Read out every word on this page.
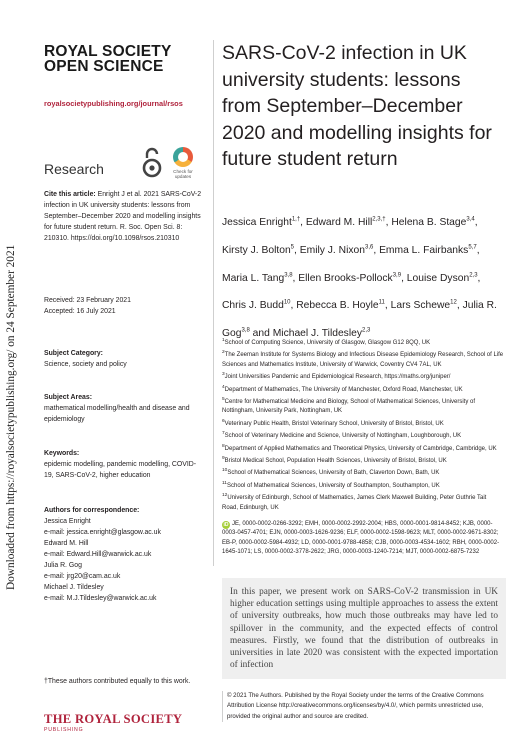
Downloaded from https://royalsocietypublishing.org/ on 24 September 2021
ROYAL SOCIETY
OPEN SCIENCE
royalsocietypublishing.org/journal/rsos
Research	Check for
updates
Cite this article: Enright J et al. 2021 SARS-CoV-2 infection in UK university students: lessons from September–December 2020 and modelling insights for future student return. R. Soc. Open Sci. 8: 210310. https://doi.org/10.1098/rsos.210310
Received: 23 February 2021
Accepted: 16 July 2021
Subject Category:
Science, society and policy
Subject Areas:
mathematical modelling/health and disease and epidemiology
Keywords:
epidemic modelling, pandemic modelling, COVID-19, SARS-CoV-2, higher education
Authors for correspondence:
Jessica Enright
e-mail: jessica.enright@glasgow.ac.uk
Edward M. Hill
e-mail: Edward.Hill@warwick.ac.uk
Julia R. Gog
e-mail: jrg20@cam.ac.uk
Michael J. Tildesley
e-mail: M.J.Tildesley@warwick.ac.uk
†These authors contributed equally to this work.
THE ROYAL SOCIETY
PUBLISHING
SARS-CoV-2 infection in UK university students: lessons from September–December 2020 and modelling insights for future student return
Jessica Enright$^{1,\dagger}$, Edward M. Hill$^{2,3,\dagger}$, Helena B. Stage$^{3,4}$, Kirsty J. Bolton$^5$, Emily J. Nixon$^{3,6}$, Emma L. Fairbanks$^{5,7}$, Maria L. Tang$^{3,8}$, Ellen Brooks-Pollock$^{3,9}$, Louise Dyson$^{2,3}$, Chris J. Budd$^{10}$, Rebecca B. Hoyle$^{11}$, Lars Schewe$^{12}$, Julia R. Gog$^{3,8}$ and Michael J. Tildesley$^{2,3}$
$^1$School of Computing Science, University of Glasgow, Glasgow G12 8QQ, UK
$^2$The Zeeman Institute for Systems Biology and Infectious Disease Epidemiology Research, School of Life Sciences and Mathematics Institute, University of Warwick, Coventry CV4 7AL, UK
$^3$Joint Universities Pandemic and Epidemiological Research, https://maths.org/juniper/
$^4$Department of Mathematics, The University of Manchester, Oxford Road, Manchester, UK
$^5$Centre for Mathematical Medicine and Biology, School of Mathematical Sciences, University of Nottingham, University Park, Nottingham, UK
$^6$Veterinary Public Health, Bristol Veterinary School, University of Bristol, Bristol, UK
$^7$School of Veterinary Medicine and Science, University of Nottingham, Loughborough, UK
$^8$Department of Applied Mathematics and Theoretical Physics, University of Cambridge, Cambridge, UK
$^9$Bristol Medical School, Population Health Sciences, University of Bristol, Bristol, UK
$^{10}$School of Mathematical Sciences, University of Bath, Claverton Down, Bath, UK
$^{11}$School of Mathematical Sciences, University of Southampton, Southampton, UK
$^{12}$University of Edinburgh, School of Mathematics, James Clerk Maxwell Building, Peter Guthrie Tait Road, Edinburgh, UK
iD JE, 0000-0002-0266-3292; EMH, 0000-0002-2992-2004; HBS, 0000-0001-9814-8452; KJB, 0000-0003-0457-4701; EJN, 0000-0003-1626-9236; ELF, 0000-0002-1598-9623; MLT, 0000-0002-9671-8302; EB-P, 0000-0002-5984-4932; LD, 0000-0001-9788-4858; CJB, 0000-0003-4534-1602; RBH, 0000-0002-1645-1071; LS, 0000-0002-3778-2622; JRG, 0000-0003-1240-7214; MJT, 0000-0002-6875-7232
In this paper, we present work on SARS-CoV-2 transmission in UK higher education settings using multiple approaches to assess the extent of university outbreaks, how much those outbreaks may have led to spillover in the community, and the expected effects of control measures. Firstly, we found that the distribution of outbreaks in universities in late 2020 was consistent with the expected importation of infection
© 2021 The Authors. Published by the Royal Society under the terms of the Creative Commons Attribution License http://creativecommons.org/licenses/by/4.0/, which permits unrestricted use, provided the original author and source are credited.
